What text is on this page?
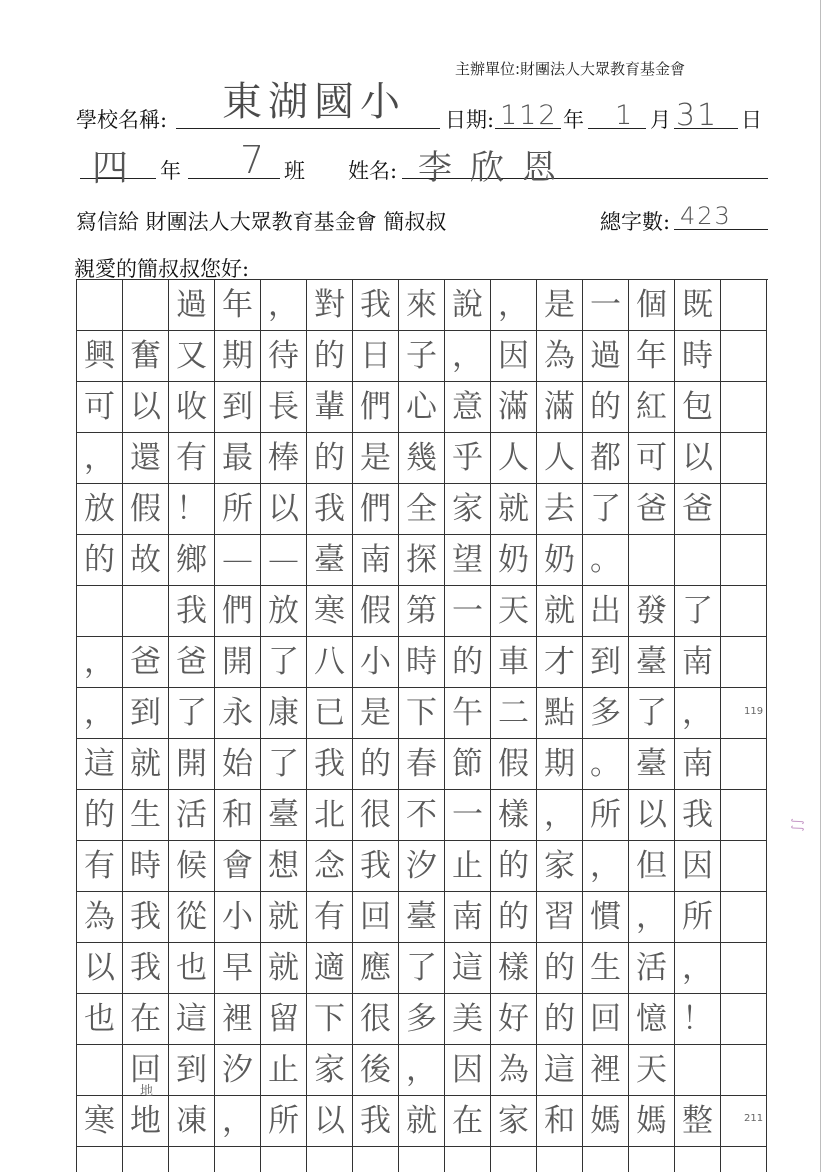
主辦單位:財團法人大眾教育基金會
學校名稱: 東湖國小 日期: 112 年 1 月 31 日
四 年 7 班 姓名: 李欣恩
寫信給 財團法人大眾教育基金會 簡叔叔	總字數: 423
親愛的簡叔叔您好:
過 年 ， 對 我 來 說 ， 是 一 個 既
興 奮 又 期 待 的 日 子 ， 因 為 過 年 時
可 以 收 到 長 輩 們 心 意 滿 滿 的 紅 包
， 還 有 最 棒 的 是 幾 乎 人 人 都 可 以
放 假 ！ 所 以 我 們 全 家 就 去 了 爸 爸
的 故 鄉 — — 臺 南 探 望 奶 奶 。
我 們 放 寒 假 第 一 天 就 出 發 了
， 爸 爸 開 了 八 小 時 的 車 才 到 臺 南
， 到 了 永 康 已 是 下 午 二 點 多 了 ，
這 就 開 始 了 我 的 春 節 假 期 。 臺 南
的 生 活 和 臺 北 很 不 一 樣 ， 所 以 我
有 時 候 會 想 念 我 汐 止 的 家 ， 但 因
為 我 從 小 就 有 回 臺 南 的 習 慣 ， 所
以 我 也 早 就 適 應 了 這 樣 的 生 活 ，
也 在 這 裡 留 下 很 多 美 好 的 回 憶 ！
回 到 汐 止 家 後 ， 因 為 這 裡 天
寒 地 凍 ， 所 以 我 就 在 家 和 媽 媽 整
119
211
地
∫∫
